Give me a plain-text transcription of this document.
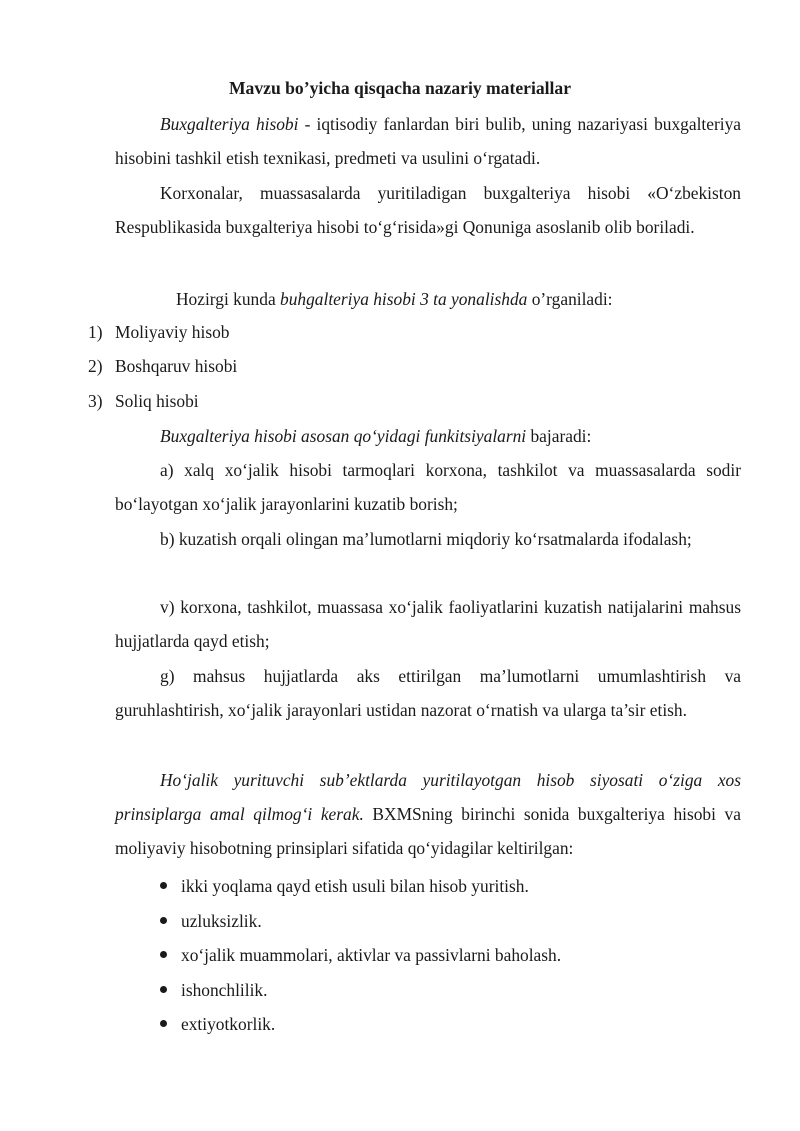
Mavzu bo’yicha qisqacha nazariy materiallar
Buxgalteriya hisobi - iqtisodiy fanlardan biri bulib, uning nazariyasi buxgalteriya hisobini tashkil etish texnikasi, predmeti va usulini o‘rgatadi.
Korxonalar, muassasalarda yuritiladigan buxgalteriya hisobi «O‘zbekiston Respublikasida buxgalteriya hisobi to‘g‘risida»gi Qonuniga asoslanib olib boriladi.
Hozirgi kunda buhgalteriya hisobi 3 ta yonalishda o’rganiladi:
1) Moliyaviy hisob
2) Boshqaruv hisobi
3) Soliq hisobi
Buxgalteriya hisobi asosan qo‘yidagi funkitsiyalarni bajaradi:
a) xalq xo‘jalik hisobi tarmoqlari korxona, tashkilot va muassasalarda sodir bo‘layotgan xo‘jalik jarayonlarini kuzatib borish;
b) kuzatish orqali olingan ma’lumotlarni miqdoriy ko‘rsatmalarda ifodalash;
v) korxona, tashkilot, muassasa xo‘jalik faoliyatlarini kuzatish natijalarini mahsus hujjatlarda qayd etish;
g) mahsus hujjatlarda aks ettirilgan ma’lumotlarni umumlashtirish va guruhlashtirish, xo‘jalik jarayonlari ustidan nazorat o‘rnatish va ularga ta’sir etish.
Ho‘jalik yurituvchi sub’ektlarda yuritilayotgan hisob siyosati o‘ziga xos prinsiplarga amal qilmog‘i kerak. BXMSning birinchi sonida buxgalteriya hisobi va moliyaviy hisobotning prinsiplari sifatida qo‘yidagilar keltirilgan:
ikki yoqlama qayd etish usuli bilan hisob yuritish.
uzluksizlik.
xo‘jalik muammolari, aktivlar va passivlarni baholash.
ishonchlilik.
extiyotkorlik.
